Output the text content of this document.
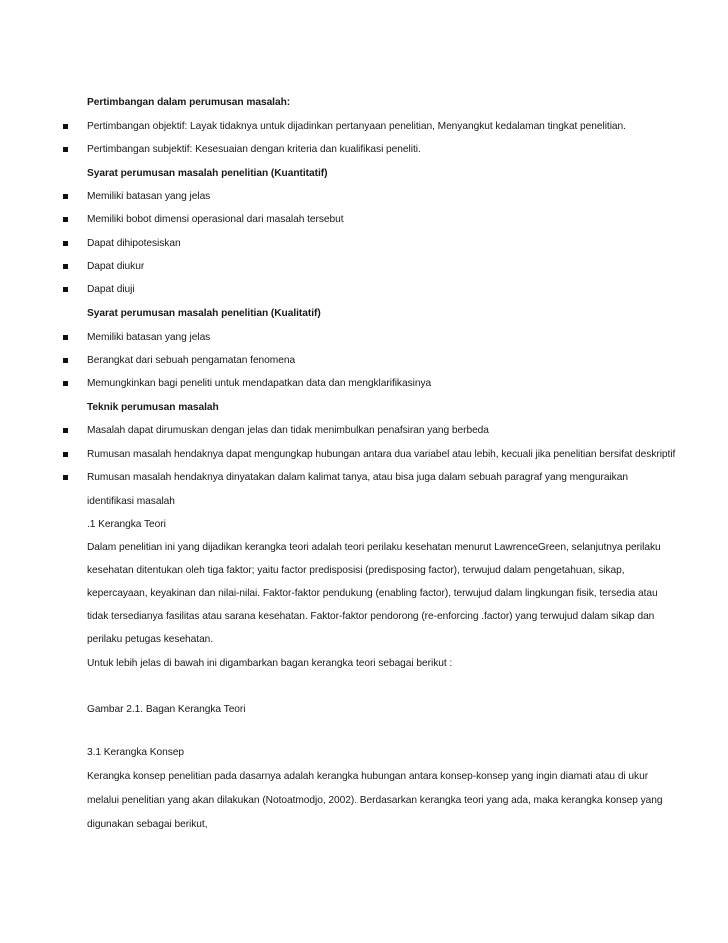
Pertimbangan dalam perumusan masalah:
Pertimbangan objektif: Layak tidaknya untuk dijadinkan pertanyaan penelitian, Menyangkut kedalaman tingkat penelitian.
Pertimbangan subjektif: Kesesuaian dengan kriteria dan kualifikasi peneliti.
Syarat perumusan masalah penelitian (Kuantitatif)
Memiliki batasan yang jelas
Memiliki bobot dimensi operasional dari masalah tersebut
Dapat dihipotesiskan
Dapat diukur
Dapat diuji
Syarat perumusan masalah penelitian (Kualitatif)
Memiliki batasan yang jelas
Berangkat dari sebuah pengamatan fenomena
Memungkinkan bagi peneliti untuk mendapatkan data dan mengklarifikasinya
Teknik perumusan masalah
Masalah dapat dirumuskan dengan jelas dan tidak menimbulkan penafsiran yang berbeda
Rumusan masalah hendaknya dapat mengungkap hubungan antara dua variabel atau lebih, kecuali jika penelitian bersifat deskriptif
Rumusan masalah hendaknya dinyatakan dalam kalimat tanya, atau bisa juga dalam sebuah paragraf yang menguraikan
identifikasi masalah
.1 Kerangka Teori
Dalam penelitian ini yang dijadikan kerangka teori adalah teori perilaku kesehatan menurut LawrenceGreen, selanjutnya perilaku
kesehatan ditentukan oleh tiga faktor; yaitu factor predisposisi (predisposing factor), terwujud dalam pengetahuan, sikap,
kepercayaan, keyakinan dan nilai-nilai. Faktor-faktor pendukung (enabling factor), terwujud dalam lingkungan fisik, tersedia atau
tidak tersedianya fasilitas atau sarana kesehatan. Faktor-faktor pendorong (re-enforcing .factor) yang terwujud dalam sikap dan
perilaku petugas kesehatan.
Untuk lebih jelas di bawah ini digambarkan bagan kerangka teori sebagai berikut :
Gambar 2.1. Bagan Kerangka Teori
3.1 Kerangka Konsep
Kerangka konsep penelitian pada dasarnya adalah kerangka hubungan antara konsep-konsep yang ingin diamati atau di ukur
melalui penelitian yang akan dilakukan (Notoatmodjo, 2002). Berdasarkan kerangka teori yang ada, maka kerangka konsep yang
digunakan sebagai berikut,
